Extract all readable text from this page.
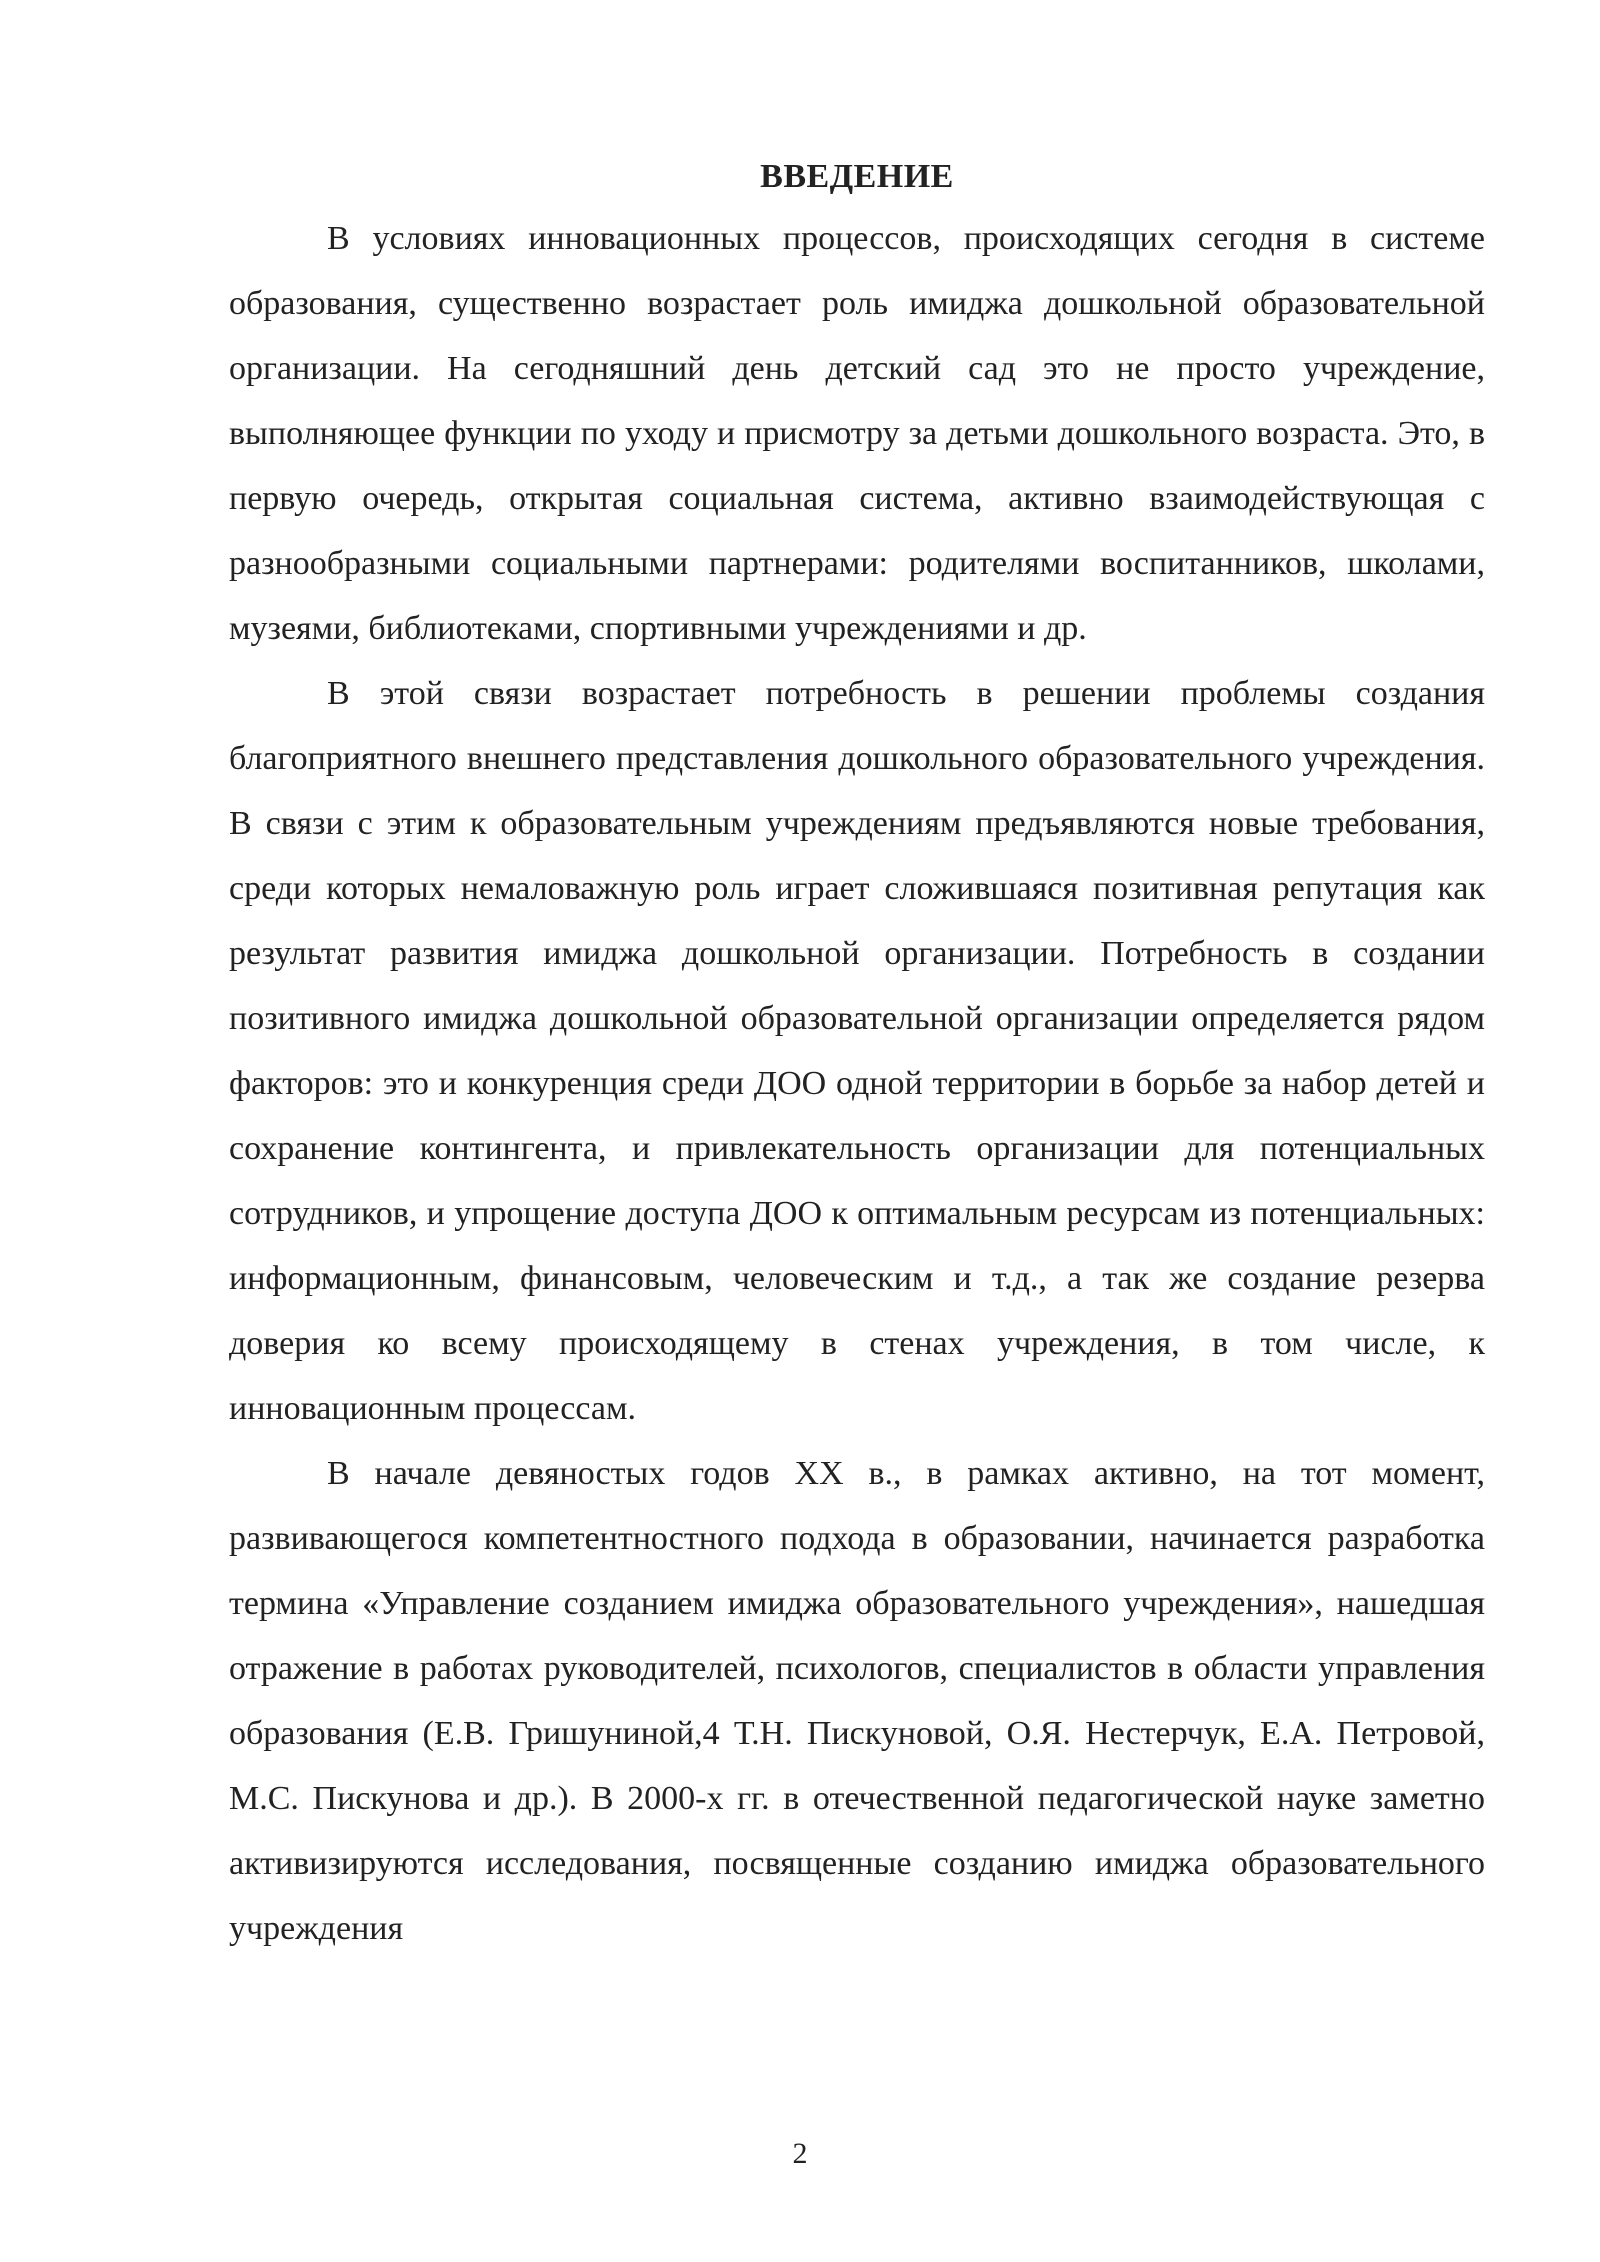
ВВЕДЕНИЕ

В условиях инновационных процессов, происходящих сегодня в системе образования, существенно возрастает роль имиджа дошкольной образовательной организации. На сегодняшний день детский сад это не просто учреждение, выполняющее функции по уходу и присмотру за детьми дошкольного возраста. Это, в первую очередь, открытая социальная система, активно взаимодействующая с разнообразными социальными партнерами: родителями воспитанников, школами, музеями, библиотеками, спортивными учреждениями и др.

В этой связи возрастает потребность в решении проблемы создания благоприятного внешнего представления дошкольного образовательного учреждения. В связи с этим к образовательным учреждениям предъявляются новые требования, среди которых немаловажную роль играет сложившаяся позитивная репутация как результат развития имиджа дошкольной организации. Потребность в создании позитивного имиджа дошкольной образовательной организации определяется рядом факторов: это и конкуренция среди ДОО одной территории в борьбе за набор детей и сохранение контингента, и привлекательность организации для потенциальных сотрудников, и упрощение доступа ДОО к оптимальным ресурсам из потенциальных: информационным, финансовым, человеческим и т.д., а так же создание резерва доверия ко всему происходящему в стенах учреждения, в том числе, к инновационным процессам.

В начале девяностых годов XX в., в рамках активно, на тот момент, развивающегося компетентностного подхода в образовании, начинается разработка термина «Управление созданием имиджа образовательного учреждения», нашедшая отражение в работах руководителей, психологов, специалистов в области управления образования (Е.В. Гришуниной,4 Т.Н. Пискуновой, О.Я. Нестерчук, Е.А. Петровой, М.С. Пискунова и др.). В 2000-х гг. в отечественной педагогической науке заметно активизируются исследования, посвященные созданию имиджа образовательного учреждения

2
